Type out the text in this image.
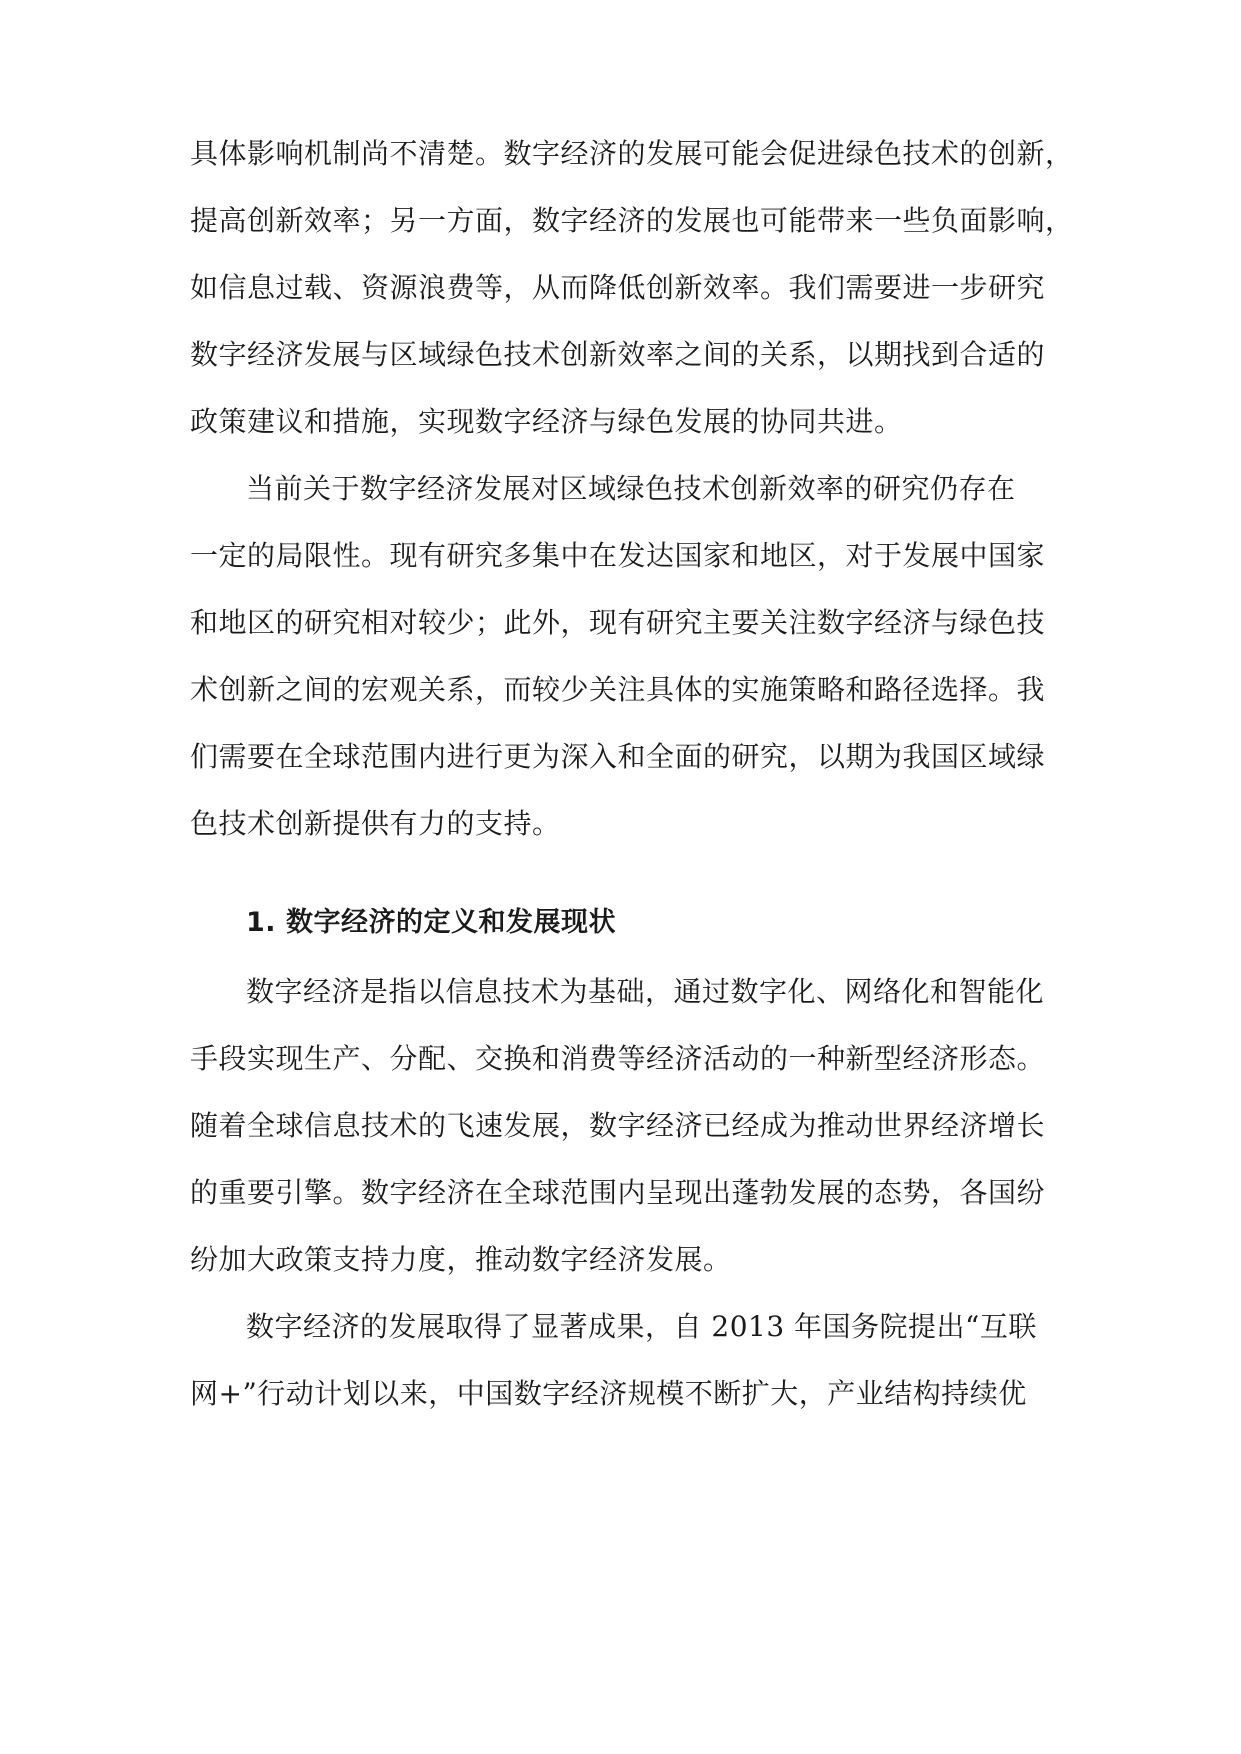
具体影响机制尚不清楚。数字经济的发展可能会促进绿色技术的创新，

提高创新效率；另一方面，数字经济的发展也可能带来一些负面影响，

如信息过载、资源浪费等，从而降低创新效率。我们需要进一步研究

数字经济发展与区域绿色技术创新效率之间的关系，以期找到合适的

政策建议和措施，实现数字经济与绿色发展的协同共进。

当前关于数字经济发展对区域绿色技术创新效率的研究仍存在

一定的局限性。现有研究多集中在发达国家和地区，对于发展中国家

和地区的研究相对较少；此外，现有研究主要关注数字经济与绿色技

术创新之间的宏观关系，而较少关注具体的实施策略和路径选择。我

们需要在全球范围内进行更为深入和全面的研究，以期为我国区域绿

色技术创新提供有力的支持。

1. 数字经济的定义和发展现状

数字经济是指以信息技术为基础，通过数字化、网络化和智能化

手段实现生产、分配、交换和消费等经济活动的一种新型经济形态。

随着全球信息技术的飞速发展，数字经济已经成为推动世界经济增长

的重要引擎。数字经济在全球范围内呈现出蓬勃发展的态势，各国纷

纷加大政策支持力度，推动数字经济发展。

数字经济的发展取得了显著成果，自 2013 年国务院提出“互联

网+”行动计划以来，中国数字经济规模不断扩大，产业结构持续优
